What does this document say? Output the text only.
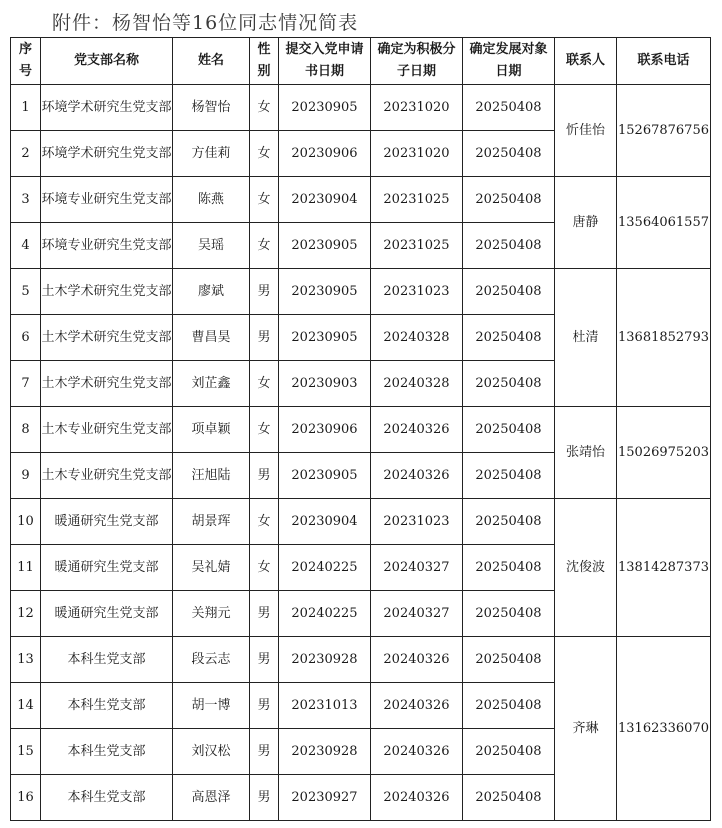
附件：杨智怡等16位同志情况简表
序号	党支部名称	姓名	性别	提交入党申请书日期	确定为积极分子日期	确定发展对象日期	联系人	联系电话
1	环境学术研究生党支部	杨智怡	女	20230905	20231020	20250408	忻佳怡	15267876756
2	环境学术研究生党支部	方佳莉	女	20230906	20231020	20250408		
3	环境专业研究生党支部	陈燕	女	20230904	20231025	20250408	唐静	13564061557
4	环境专业研究生党支部	吴瑶	女	20230905	20231025	20250408		
5	土木学术研究生党支部	廖斌	男	20230905	20231023	20250408	杜清	13681852793
6	土木学术研究生党支部	曹昌昊	男	20230905	20240328	20250408		
7	土木学术研究生党支部	刘芷鑫	女	20230903	20240328	20250408		
8	土木专业研究生党支部	项卓颖	女	20230906	20240326	20250408	张靖怡	15026975203
9	土木专业研究生党支部	汪旭陆	男	20230905	20240326	20250408		
10	暖通研究生党支部	胡景珲	女	20230904	20231023	20250408	沈俊波	13814287373
11	暖通研究生党支部	吴礼婧	女	20240225	20240327	20250408		
12	暖通研究生党支部	关翔元	男	20240225	20240327	20250408		
13	本科生党支部	段云志	男	20230928	20240326	20250408	齐琳	13162336070
14	本科生党支部	胡一博	男	20231013	20240326	20250408		
15	本科生党支部	刘汉松	男	20230928	20240326	20250408		
16	本科生党支部	高恩泽	男	20230927	20240326	20250408		
